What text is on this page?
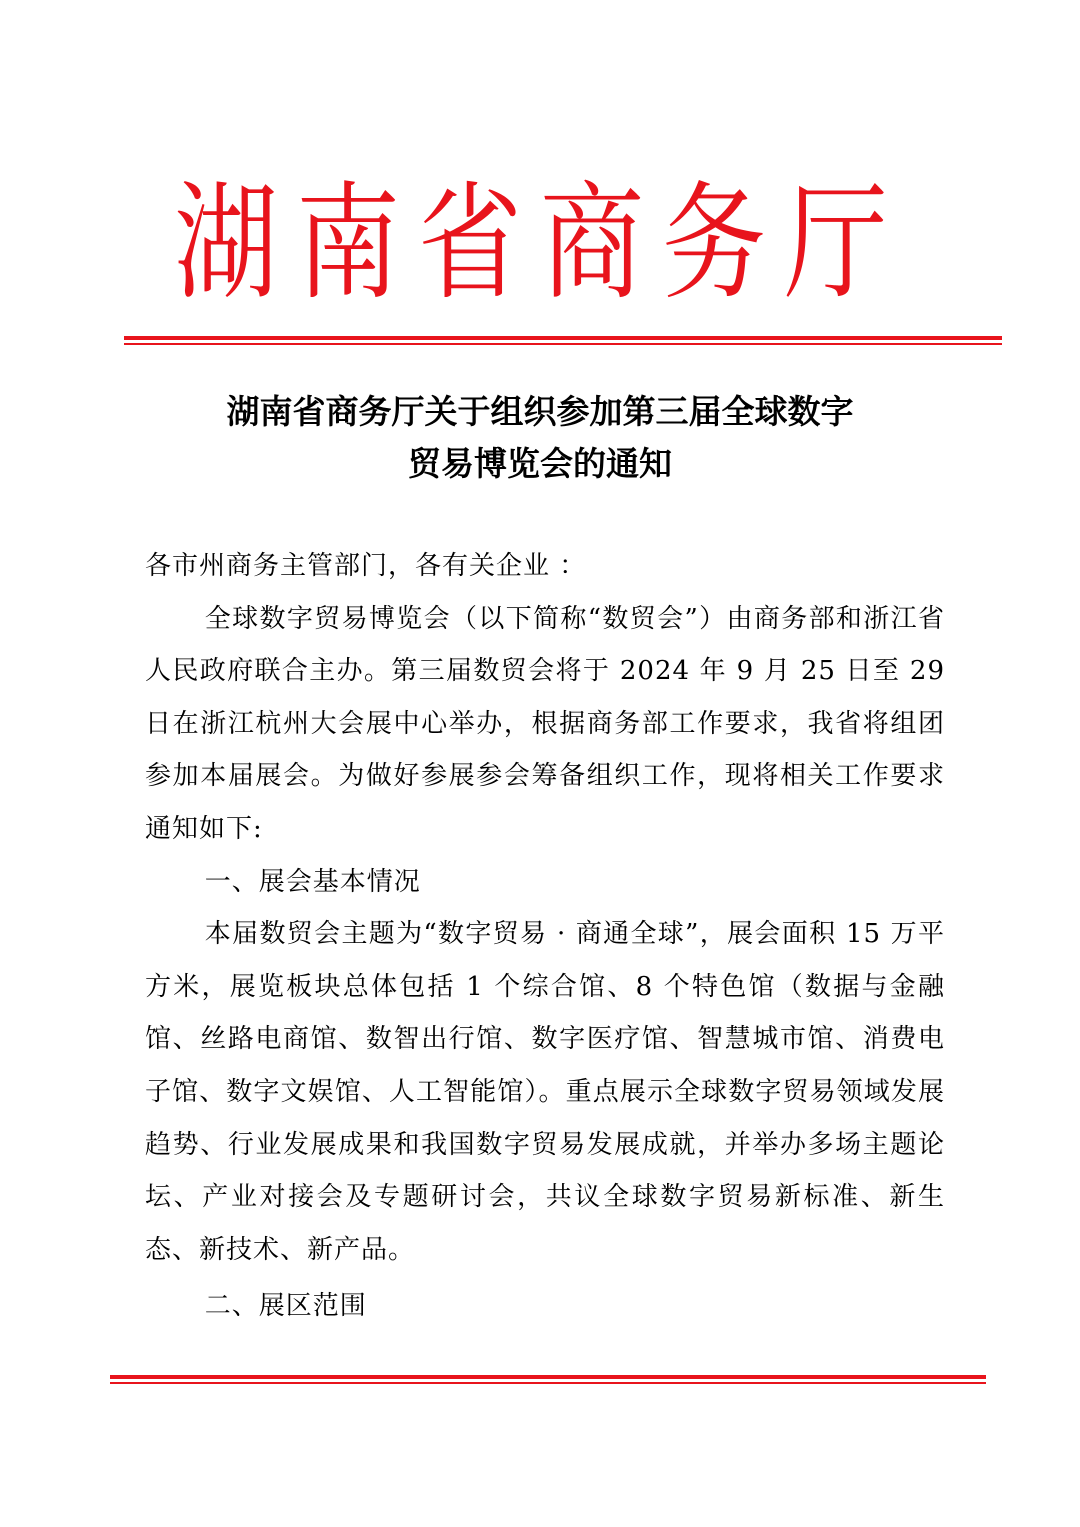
湖南省商务厅
湖南省商务厅关于组织参加第三届全球数字
贸易博览会的通知

各市州商务主管部门，各有关企业 ：

全球数字贸易博览会（以下简称“数贸会”）由商务部和浙江省人民政府联合主办。第三届数贸会将于 2024 年 9 月 25 日至 29 日在浙江杭州大会展中心举办，根据商务部工作要求，我省将组团参加本届展会。为做好参展参会筹备组织工作，现将相关工作要求通知如下:

一、展会基本情况

本届数贸会主题为“数字贸易 · 商通全球”，展会面积 15 万平方米，展览板块总体包括 1 个综合馆、8 个特色馆（数据与金融馆、丝路电商馆、数智出行馆、数字医疗馆、智慧城市馆、消费电子馆、数字文娱馆、人工智能馆）。重点展示全球数字贸易领域发展趋势、行业发展成果和我国数字贸易发展成就，并举办多场主题论坛、产业对接会及专题研讨会，共议全球数字贸易新标准、新生态、新技术、新产品。

二、展区范围
